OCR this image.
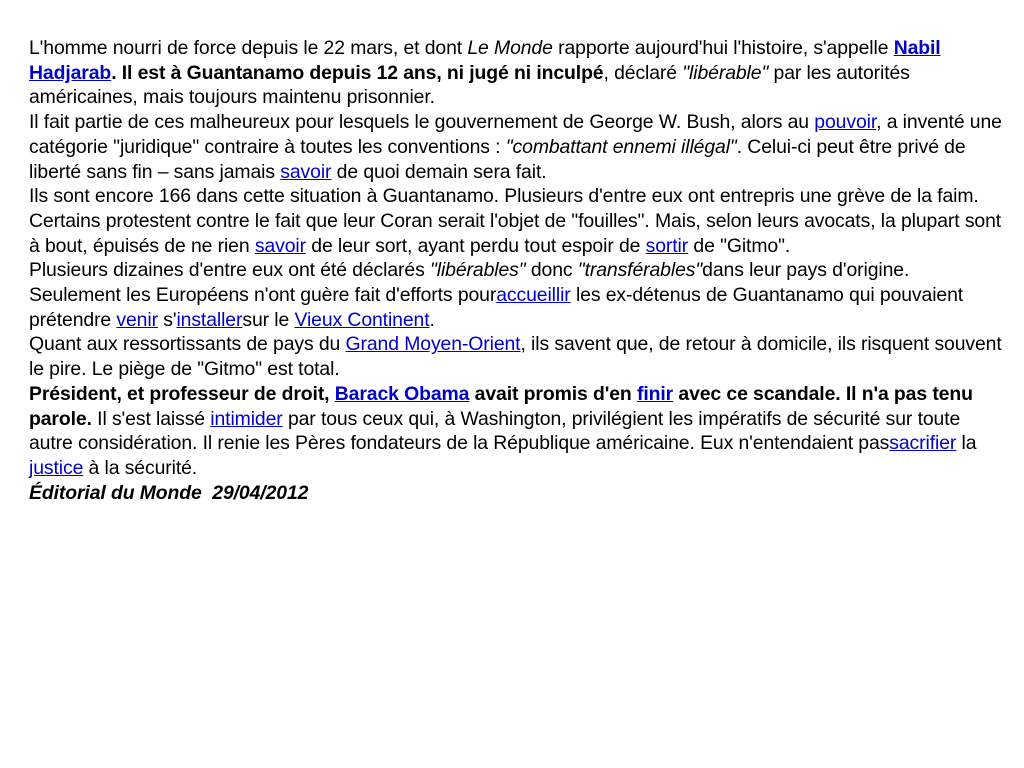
L'homme nourri de force depuis le 22 mars, et dont Le Monde rapporte aujourd'hui l'histoire, s'appelle Nabil Hadjarab. Il est à Guantanamo depuis 12 ans, ni jugé ni inculpé, déclaré "libérable" par les autorités américaines, mais toujours maintenu prisonnier.

Il fait partie de ces malheureux pour lesquels le gouvernement de George W. Bush, alors au pouvoir, a inventé une catégorie "juridique" contraire à toutes les conventions : "combattant ennemi illégal". Celui-ci peut être privé de liberté sans fin – sans jamais savoir de quoi demain sera fait.

Ils sont encore 166 dans cette situation à Guantanamo. Plusieurs d'entre eux ont entrepris une grève de la faim. Certains protestent contre le fait que leur Coran serait l'objet de "fouilles". Mais, selon leurs avocats, la plupart sont à bout, épuisés de ne rien savoir de leur sort, ayant perdu tout espoir de sortir de "Gitmo".

Plusieurs dizaines d'entre eux ont été déclarés "libérables" donc "transférables"dans leur pays d'origine. Seulement les Européens n'ont guère fait d'efforts pouraccueillir les ex-détenus de Guantanamo qui pouvaient prétendre venir s'installersur le Vieux Continent.

Quant aux ressortissants de pays du Grand Moyen-Orient, ils savent que, de retour à domicile, ils risquent souvent le pire. Le piège de "Gitmo" est total.

Président, et professeur de droit, Barack Obama avait promis d'en finir avec ce scandale. Il n'a pas tenu parole. Il s'est laissé intimider par tous ceux qui, à Washington, privilégient les impératifs de sécurité sur toute autre considération. Il renie les Pères fondateurs de la République américaine. Eux n'entendaient passacrifier la justice à la sécurité.

Éditorial du Monde  29/04/2012
